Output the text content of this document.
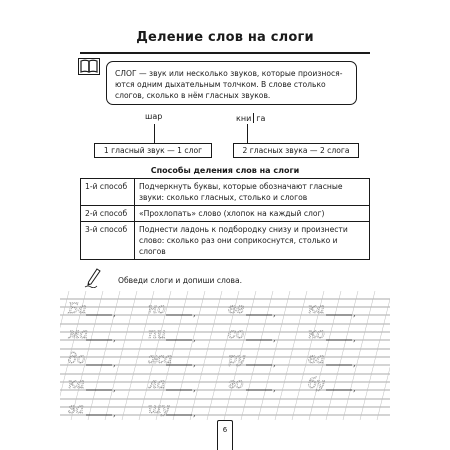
Деление слов на слоги
СЛОГ — звук или несколько звуков, которые произнося-ются одним дыхательным толчком. В слове столько слогов, сколько в нём гласных звуков.
шар
1 гласный звук — 1 слог
кни га
2 гласных звука — 2 слога
Способы деления слов на слоги
1-й способ	Подчеркнуть буквы, которые обозначают гласные звуки: сколько гласных, столько и слогов
2-й способ	«Прохлопать» слово (хлопок на каждый слог)
3-й способ	Поднести ладонь к подбородку снизу и произнести слово: сколько раз они соприкоснутся, столько и слогов
Обведи слоги и допиши слова.
Ба	, но	, ве	, ка	,
ма	, пи	, со	, ко	,
до	, жа , ру	, ва	,
ка	, ла	, го	, бу	,
за	, шу	,
6
